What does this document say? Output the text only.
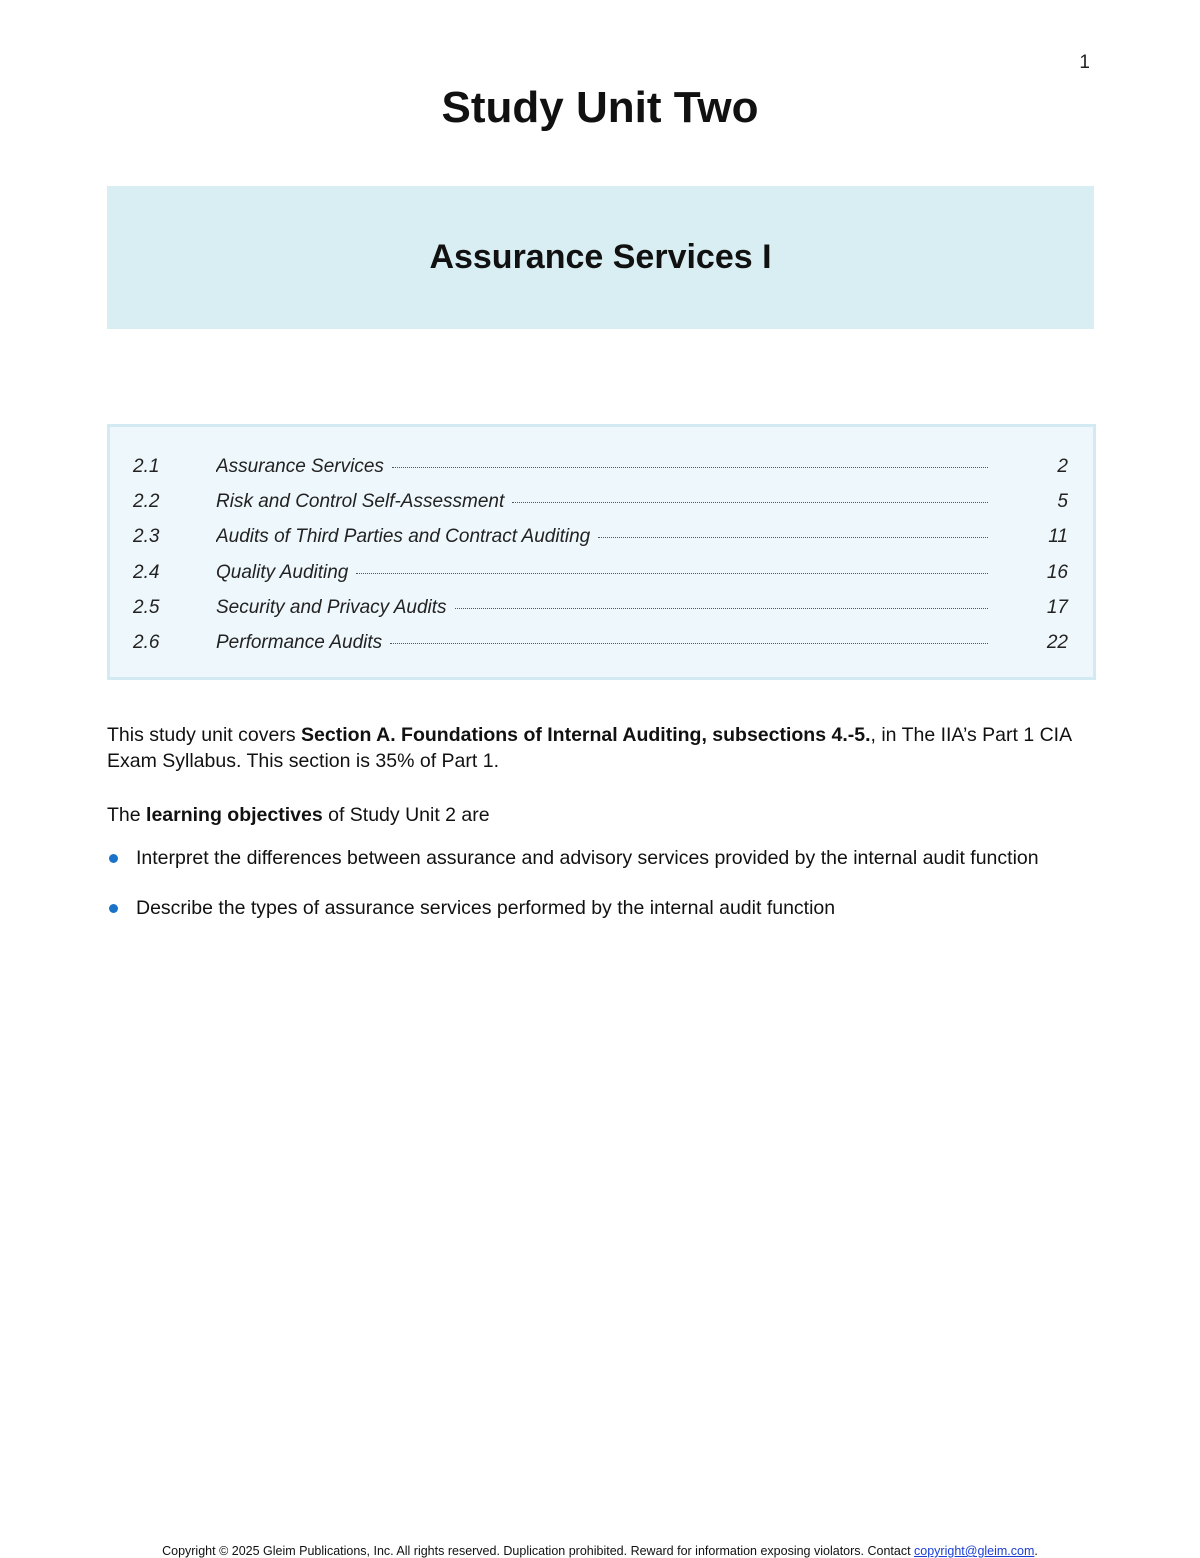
1
Study Unit Two
Assurance Services I
2.1	Assurance Services	2
2.2	Risk and Control Self-Assessment	5
2.3	Audits of Third Parties and Contract Auditing	11
2.4	Quality Auditing	16
2.5	Security and Privacy Audits	17
2.6	Performance Audits	22

This study unit covers Section A. Foundations of Internal Auditing, subsections 4.-5., in The IIA’s Part 1 CIA Exam Syllabus. This section is 35% of Part 1.

The learning objectives of Study Unit 2 are

Interpret the differences between assurance and advisory services provided by the internal audit function
Describe the types of assurance services performed by the internal audit function
Copyright © 2025 Gleim Publications, Inc. All rights reserved. Duplication prohibited. Reward for information exposing violators. Contact copyright@gleim.com.
